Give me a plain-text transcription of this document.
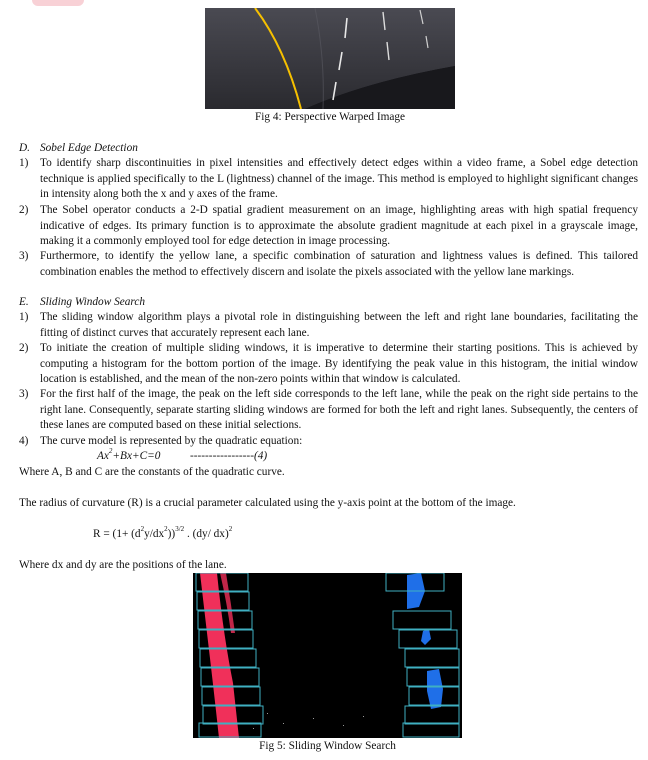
Fig 4: Perspective Warped Image
D. Sobel Edge Detection
1) To identify sharp discontinuities in pixel intensities and effectively detect edges within a video frame, a Sobel edge detection technique is applied specifically to the L (lightness) channel of the image. This method is employed to highlight significant changes in intensity along both the x and y axes of the frame.
2) The Sobel operator conducts a 2-D spatial gradient measurement on an image, highlighting areas with high spatial frequency indicative of edges. Its primary function is to approximate the absolute gradient magnitude at each pixel in a grayscale image, making it a commonly employed tool for edge detection in image processing.
3) Furthermore, to identify the yellow lane, a specific combination of saturation and lightness values is defined. This tailored combination enables the method to effectively discern and isolate the pixels associated with the yellow lane markings.
E. Sliding Window Search
1) The sliding window algorithm plays a pivotal role in distinguishing between the left and right lane boundaries, facilitating the fitting of distinct curves that accurately represent each lane.
2) To initiate the creation of multiple sliding windows, it is imperative to determine their starting positions. This is achieved by computing a histogram for the bottom portion of the image. By identifying the peak value in this histogram, the initial window location is established, and the mean of the non-zero points within that window is calculated.
3) For the first half of the image, the peak on the left side corresponds to the left lane, while the peak on the right side pertains to the right lane. Consequently, separate starting sliding windows are formed for both the left and right lanes. Subsequently, the centers of these lanes are computed based on these initial selections.
4) The curve model is represented by the quadratic equation:
$Ax^2+Bx+C=0$	-----------------(4)
Where A, B and C are the constants of the quadratic curve.
The radius of curvature (R) is a crucial parameter calculated using the y-axis point at the bottom of the image.
$R = (1+ (d^2y/dx^2))^{3/2}$ . (dy/ dx)$^2$
Where dx and dy are the positions of the lane.
Fig 5: Sliding Window Search
